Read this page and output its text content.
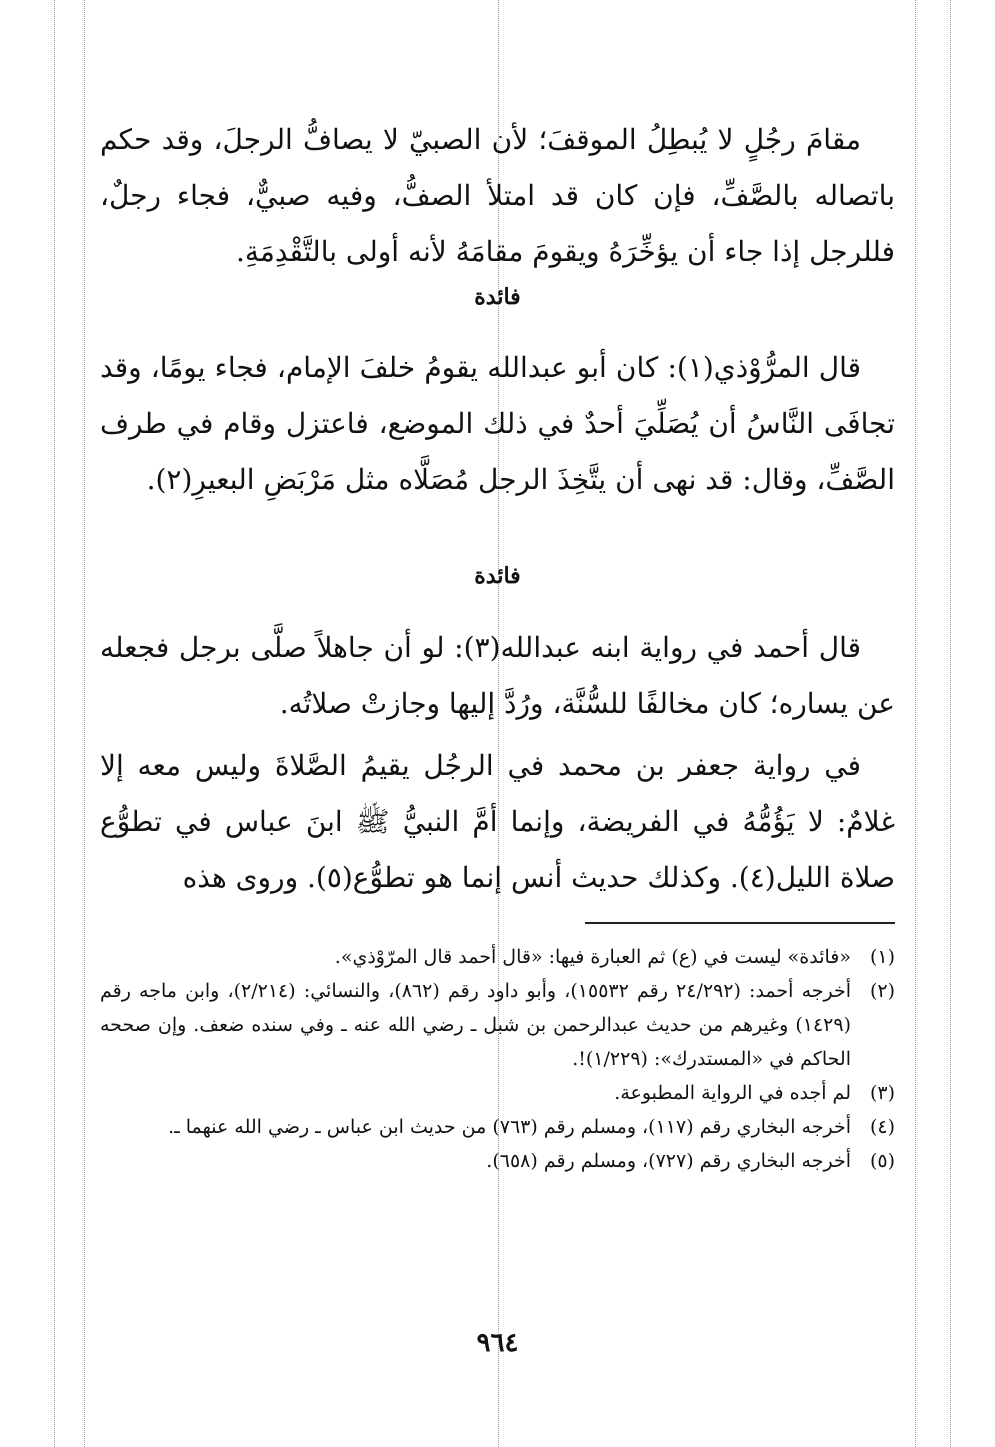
مقامَ رجُلٍ لا يُبطِلُ الموقفَ؛ لأن الصبيّ لا يصافُّ الرجلَ، وقد حكم باتصاله بالصَّفِّ، فإن كان قد امتلأ الصفُّ، وفيه صبيٌّ، فجاء رجلٌ، فللرجل إذا جاء أن يؤخِّرَهُ ويقومَ مقامَهُ لأنه أولى بالتَّقْدِمَةِ.

فائدة

قال المرُّوْذي(١): كان أبو عبدالله يقومُ خلفَ الإمام، فجاء يومًا، وقد تجافَى النَّاسُ أن يُصَلِّيَ أحدٌ في ذلك الموضع، فاعتزل وقام في طرف الصَّفِّ، وقال: قد نهى أن يتَّخِذَ الرجل مُصَلَّاه مثل مَرْبَضِ البعيرِ(٢).

فائدة

قال أحمد في رواية ابنه عبدالله(٣): لو أن جاهلاً صلَّى برجل فجعله عن يساره؛ كان مخالفًا للسُّنَّة، ورُدَّ إليها وجازتْ صلاتُه.

في رواية جعفر بن محمد في الرجُل يقيمُ الصَّلاةَ وليس معه إلا غلامٌ: لا يَؤُمُّهُ في الفريضة، وإنما أمَّ النبيُّ ﷺ ابنَ عباس في تطوُّع صلاة الليل(٤). وكذلك حديث أنس إنما هو تطوُّع(٥). وروى هذه

(١)
«فائدة» ليست في (ع) ثم العبارة فيها: «قال أحمد قال المرّوْذي».
(٢)
أخرجه أحمد: (٢٤/٢٩٢ رقم ١٥٥٣٢)، وأبو داود رقم (٨٦٢)، والنسائي: (٢/٢١٤)، وابن ماجه رقم (١٤٢٩) وغيرهم من حديث عبدالرحمن بن شبل ـ رضي الله عنه ـ وفي سنده ضعف. وإن صححه الحاكم في «المستدرك»: (١/٢٢٩)!.
(٣)
لم أجده في الرواية المطبوعة.
(٤)
أخرجه البخاري رقم (١١٧)، ومسلم رقم (٧٦٣) من حديث ابن عباس ـ رضي الله عنهما ـ.
(٥)
أخرجه البخاري رقم (٧٢٧)، ومسلم رقم (٦٥٨).
٩٦٤
